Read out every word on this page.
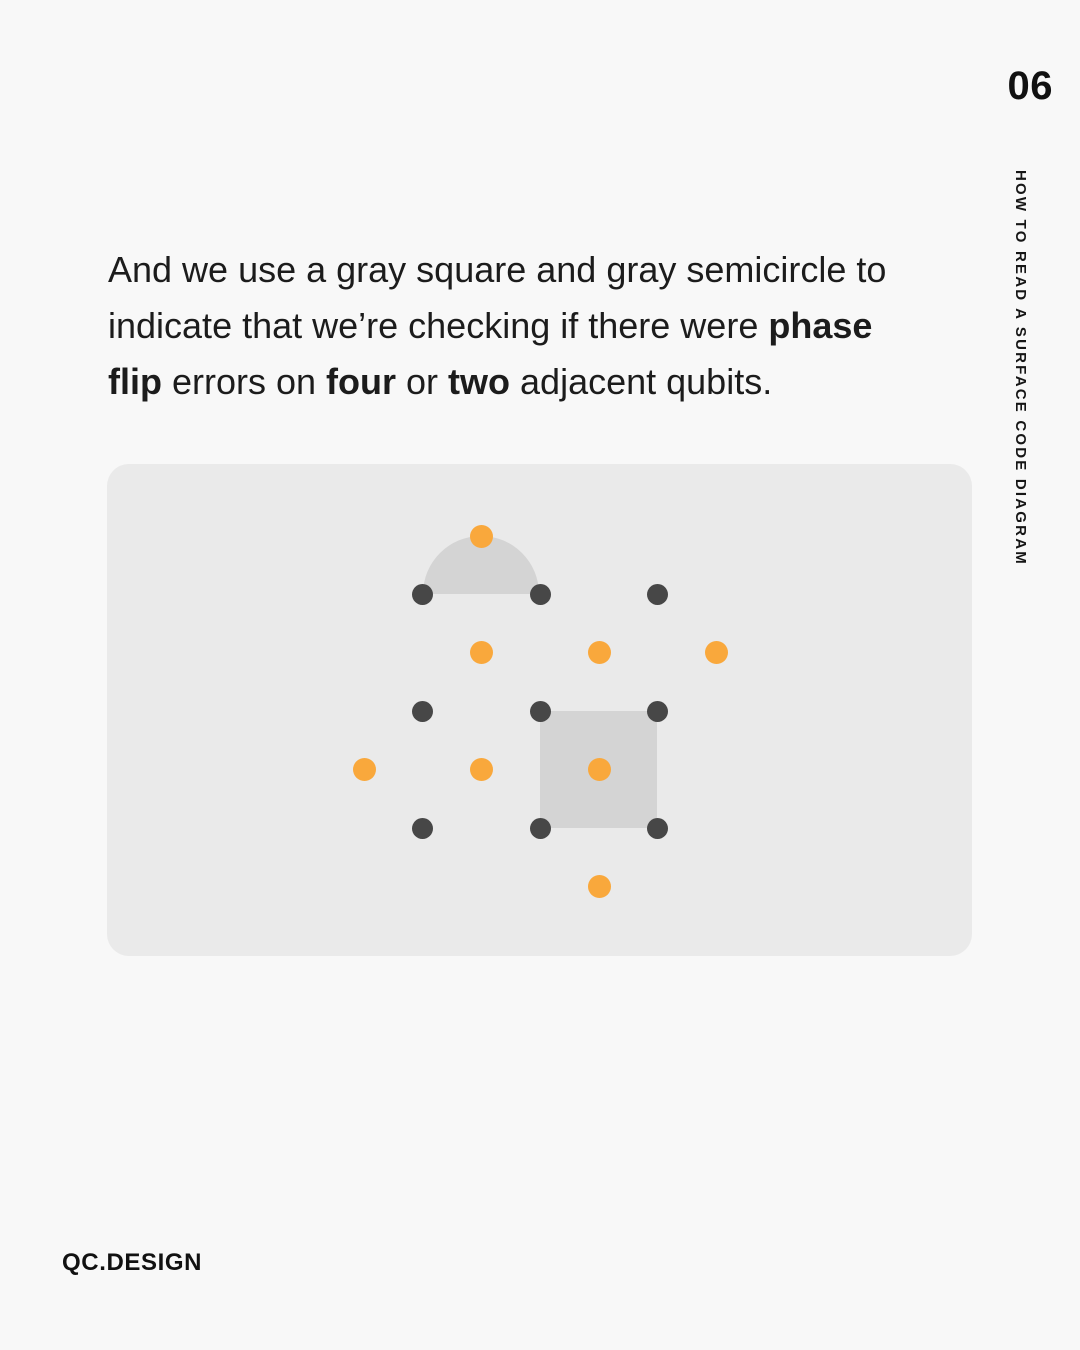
06
HOW TO READ A SURFACE CODE DIAGRAM
And we use a gray square and gray semicircle to
indicate that we’re checking if there were phase
flip errors on four or two adjacent qubits.
QC.DESIGN
